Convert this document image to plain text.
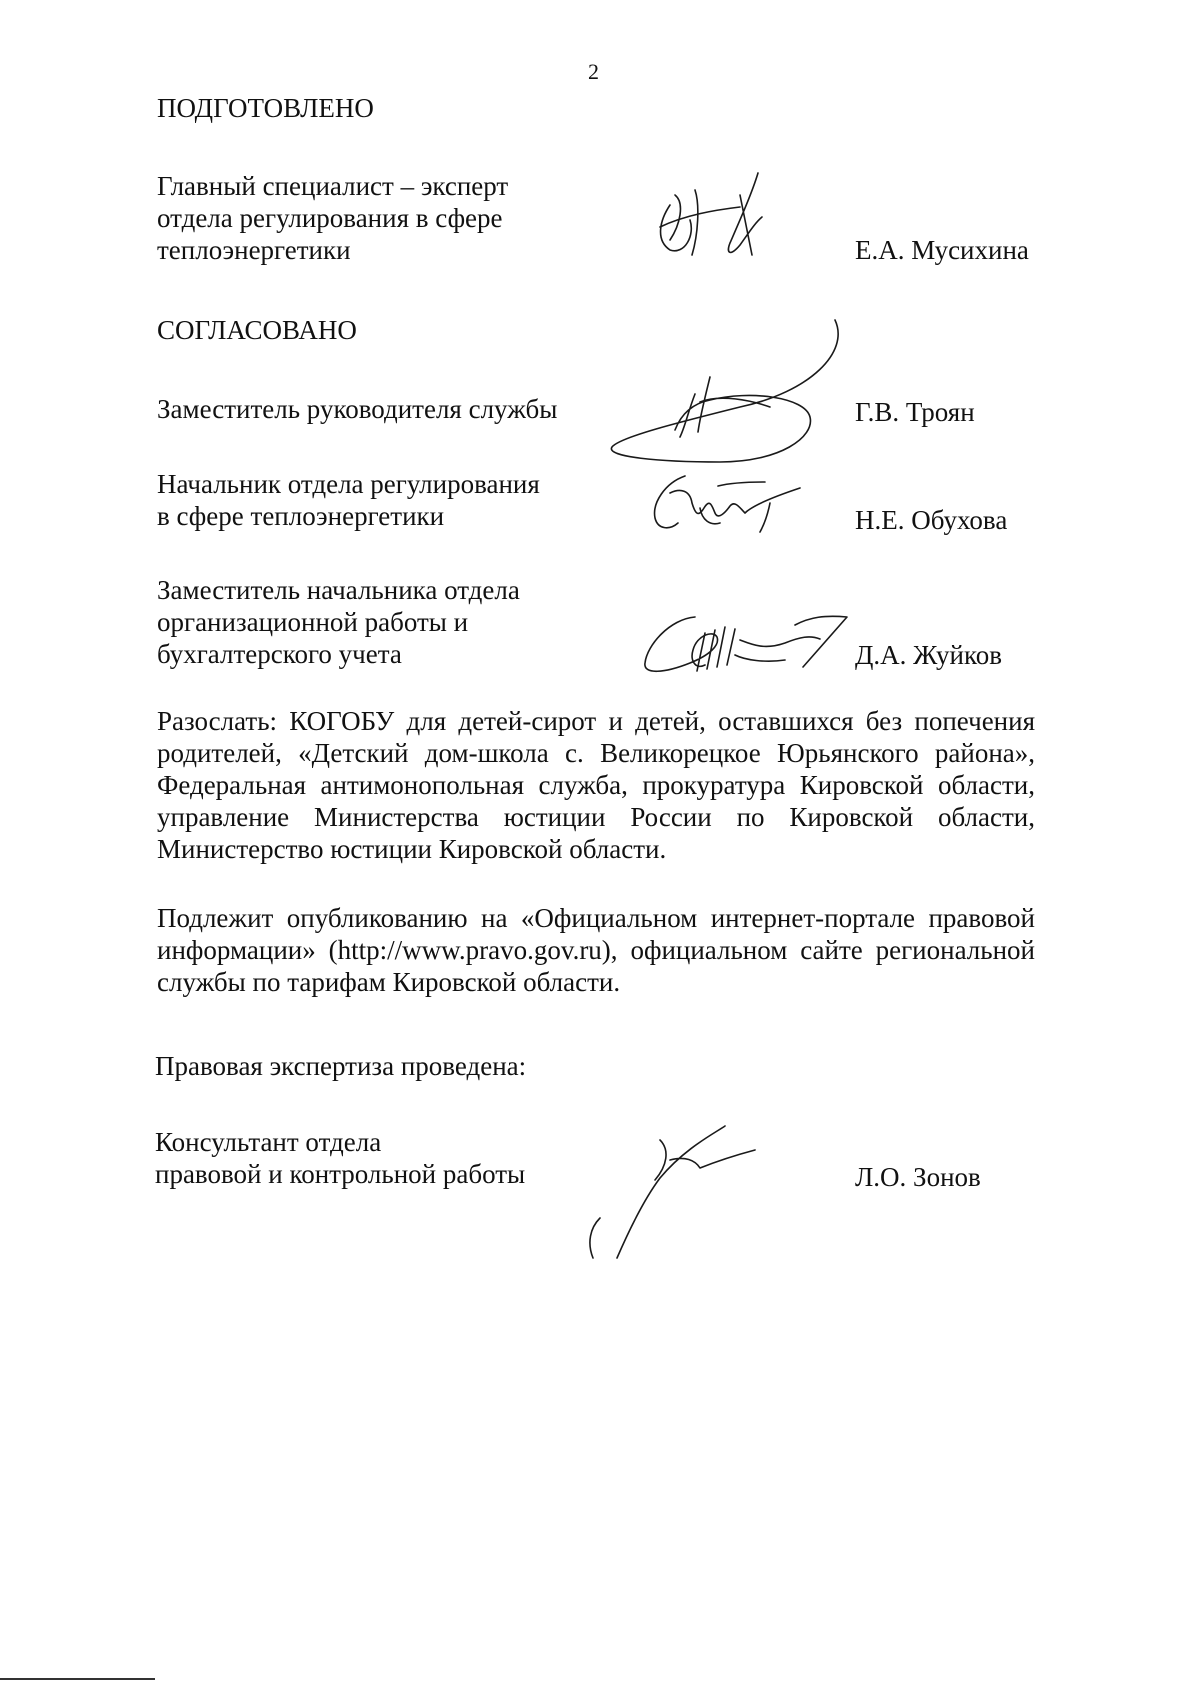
2
ПОДГОТОВЛЕНО
Главный специалист – эксперт
отдела регулирования в сфере
теплоэнергетики	Е.А. Мусихина
СОГЛАСОВАНО
Заместитель руководителя службы	Г.В. Троян
Начальник отдела регулирования
в сфере теплоэнергетики	Н.Е. Обухова
Заместитель начальника отдела
организационной работы и
бухгалтерского учета	Д.А. Жуйков
Разослать: КОГОБУ для детей-сирот и детей, оставшихся без попечения
родителей, «Детский дом-школа с. Великорецкое Юрьянского района»,
Федеральная антимонопольная служба, прокуратура Кировской области,
управление Министерства юстиции России по Кировской области,
Министерство юстиции Кировской области.
Подлежит опубликованию на «Официальном интернет-портале правовой
информации» (http://www.pravo.gov.ru), официальном сайте региональной
службы по тарифам Кировской области.
Правовая экспертиза проведена:
Консультант отдела
правовой и контрольной работы	Л.О. Зонов
